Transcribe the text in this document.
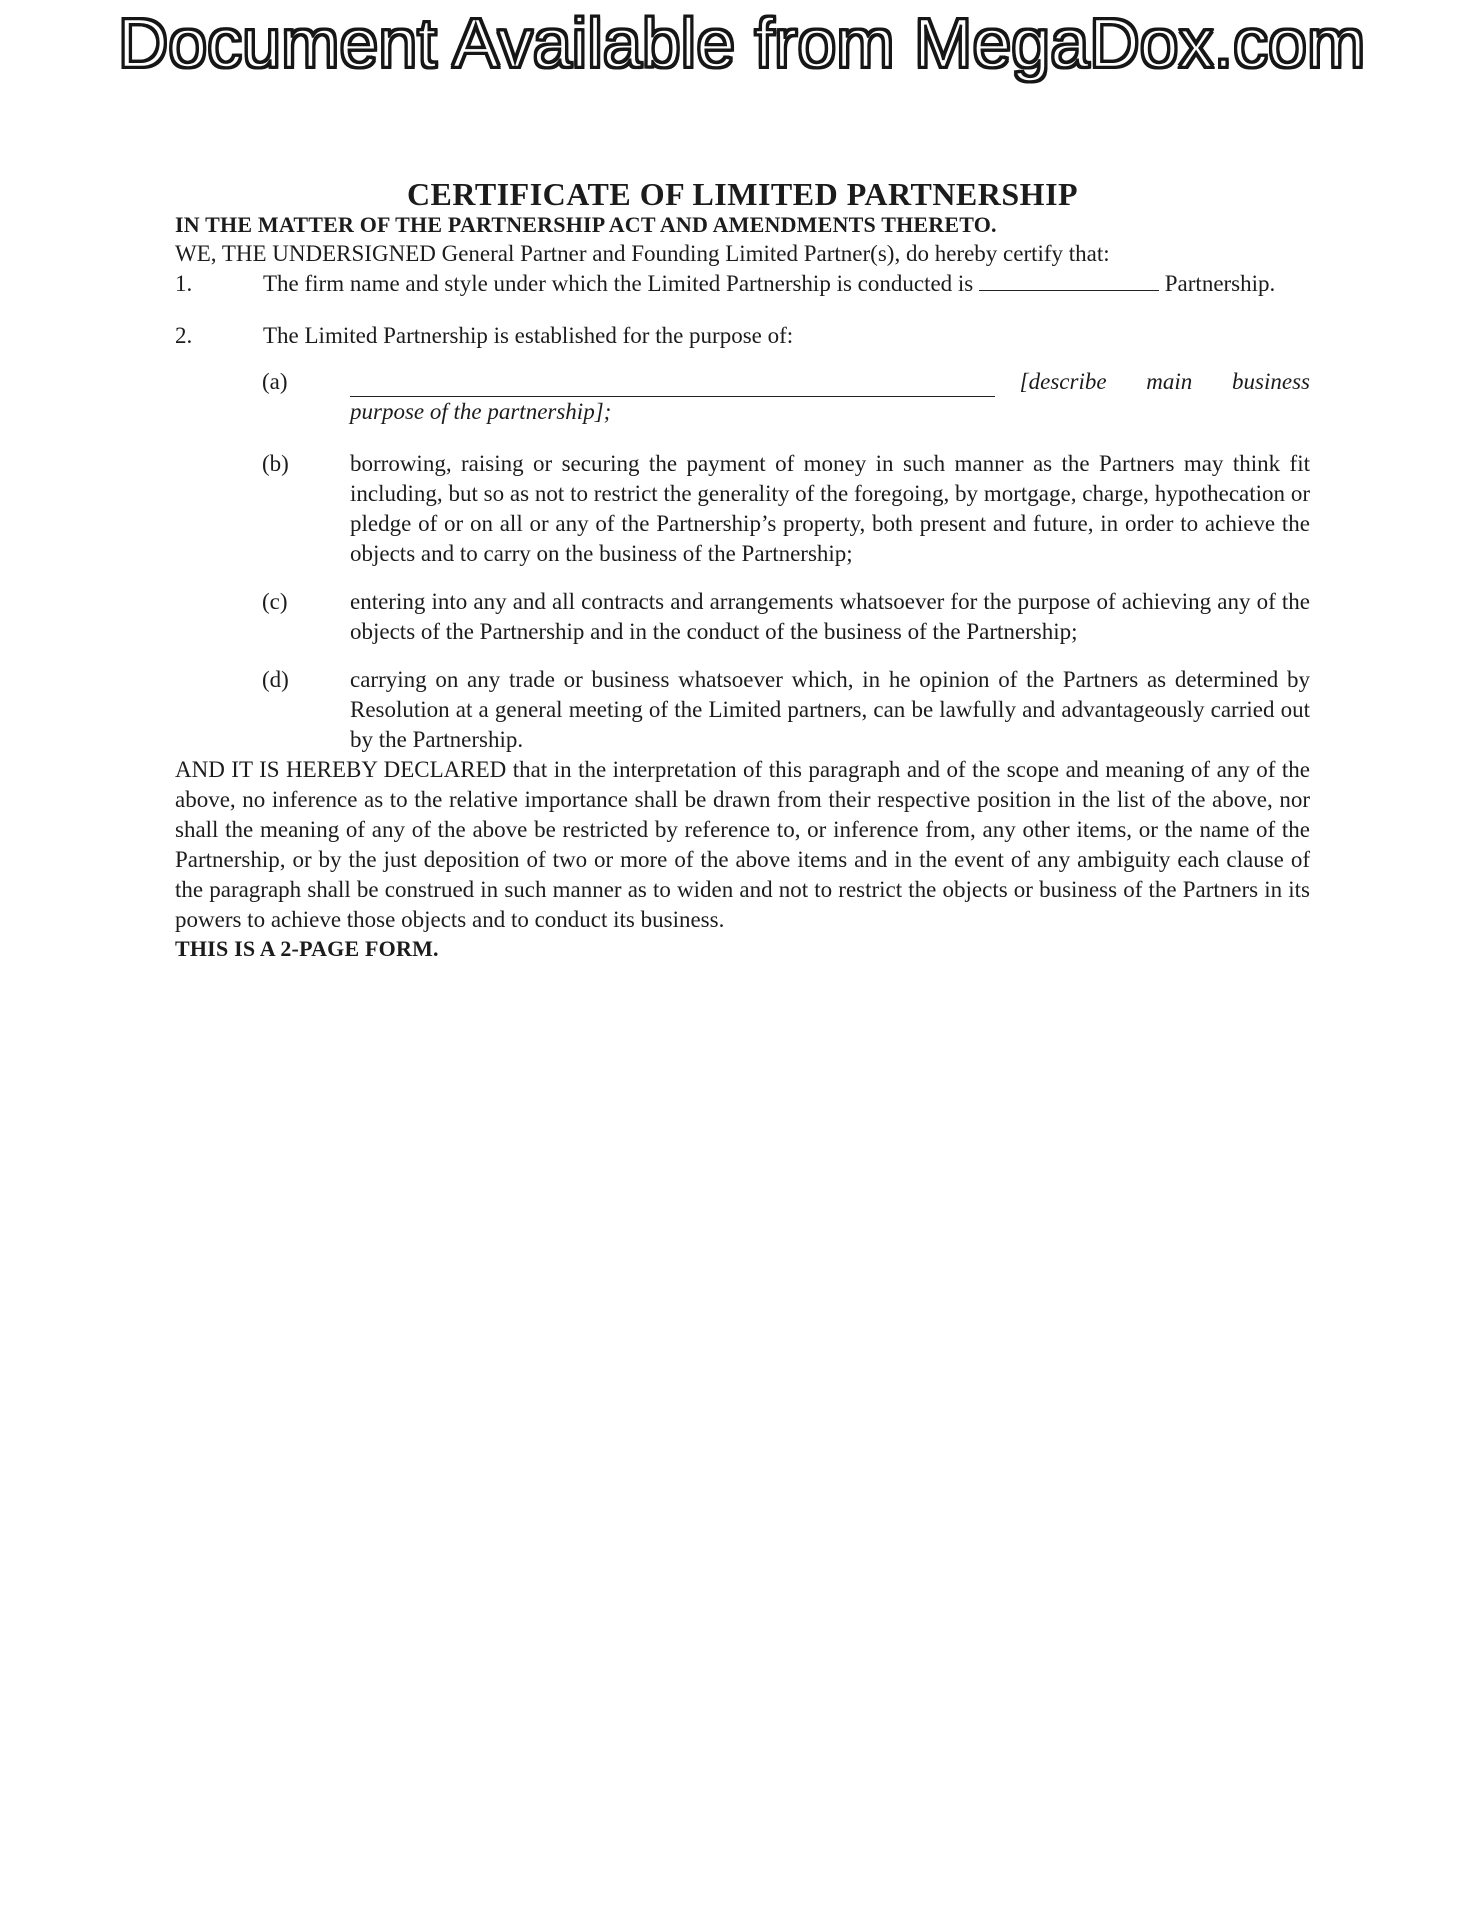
Document Available from MegaDox.com
CERTIFICATE OF LIMITED PARTNERSHIP

IN THE MATTER OF THE PARTNERSHIP ACT AND AMENDMENTS THERETO.

WE, THE UNDERSIGNED General Partner and Founding Limited Partner(s), do hereby certify that:

1.	The firm name and style under which the Limited Partnership is conducted is	Partnership.

2.	The Limited Partnership is established for the purpose of:
(a)	[describe main business
purpose of the partnership];
(b)	borrowing, raising or securing the payment of money in such manner as the Partners may think fit including, but so as not to restrict the generality of the foregoing, by mortgage, charge, hypothecation or pledge of or on all or any of the Partnership’s property, both present and future, in order to achieve the objects and to carry on the business of the Partnership;
(c)	entering into any and all contracts and arrangements whatsoever for the purpose of achieving any of the objects of the Partnership and in the conduct of the business of the Partnership;
(d)	carrying on any trade or business whatsoever which, in he opinion of the Partners as determined by Resolution at a general meeting of the Limited partners, can be lawfully and advantageously carried out by the Partnership.

AND IT IS HEREBY DECLARED that in the interpretation of this paragraph and of the scope and meaning of any of the above, no inference as to the relative importance shall be drawn from their respective position in the list of the above, nor shall the meaning of any of the above be restricted by reference to, or inference from, any other items, or the name of the Partnership, or by the just deposition of two or more of the above items and in the event of any ambiguity each clause of the paragraph shall be construed in such manner as to widen and not to restrict the objects or business of the Partners in its powers to achieve those objects and to conduct its business.

THIS IS A 2-PAGE FORM.
